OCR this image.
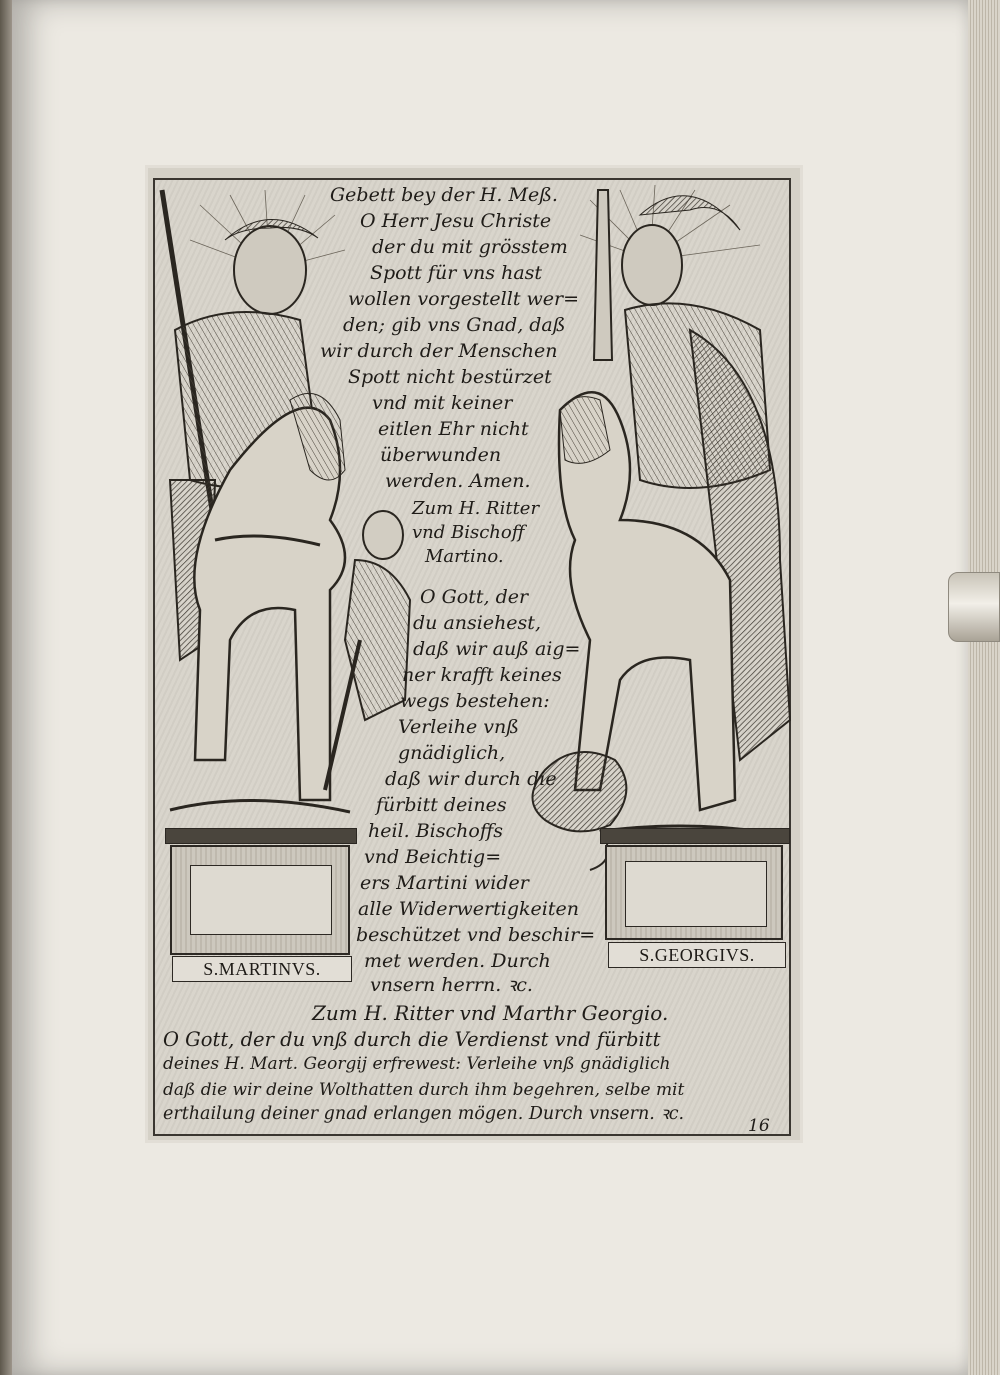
S.MARTINVS.
S.GEORGIVS.

Gebett bey der H. Meß.

O Herr Jesu Christe

der du mit grösstem

Spott für vns hast

wollen vorgestellt wer=

den; gib vns Gnad, daß

wir durch der Menschen

Spott nicht bestürzet

vnd mit keiner

eitlen Ehr nicht

überwunden

werden. Amen.

Zum H. Ritter

vnd Bischoff

Martino.

O Gott, der

du ansiehest,

daß wir auß aig=

ner krafft keines

wegs bestehen:

Verleihe vnß

gnädiglich,

daß wir durch die

fürbitt deines

heil. Bischoffs

vnd Beichtig=

ers Martini wider

alle Widerwertigkeiten

beschützet vnd beschir=

met werden. Durch

vnsern herrn. ꝛc.

Zum H. Ritter vnd Marthr Georgio.

O Gott, der du vnß durch die Verdienst vnd fürbitt

deines H. Mart. Georgij erfrewest: Verleihe vnß gnädiglich

daß die wir deine Wolthatten durch ihm begehren, selbe mit

erthailung deiner gnad erlangen mögen. Durch vnsern. ꝛc.

16
